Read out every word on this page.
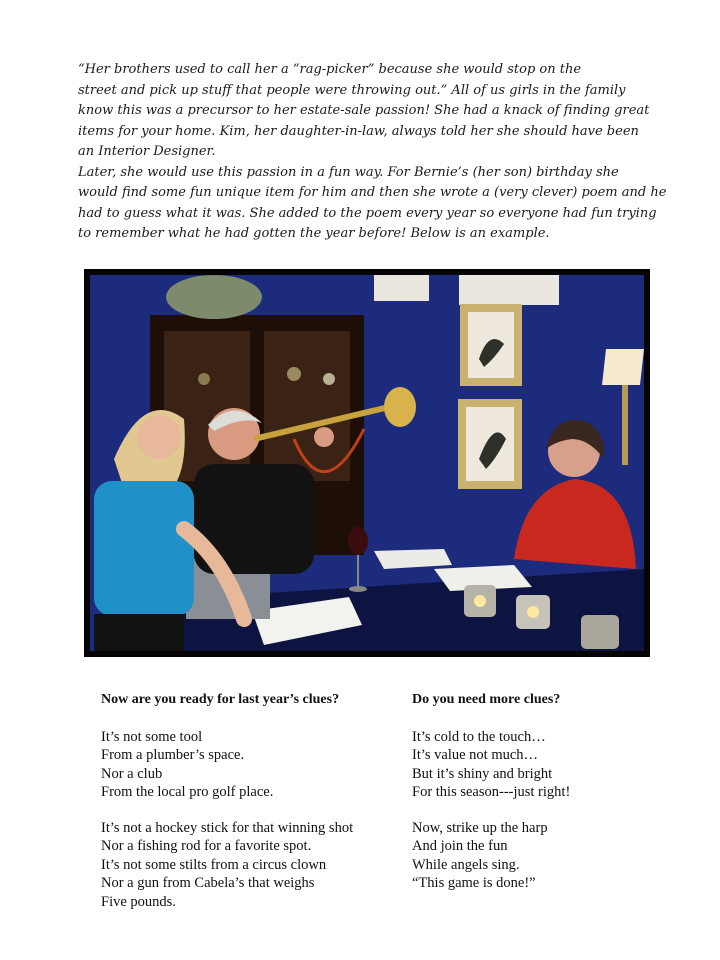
“Her brothers used to call her a “rag-picker” because she would stop on the

street and pick up stuff that people were throwing out.” All of us girls in the family

know this was a precursor to her estate-sale passion! She had a knack of finding great

items for your home. Kim, her daughter-in-law, always told her she should have been

an Interior Designer.

Later, she would use this passion in a fun way. For Bernie’s (her son) birthday she

would find some fun unique item for him and then she wrote a (very clever) poem and he

had to guess what it was. She added to the poem every year so everyone had fun trying

to remember what he had gotten the year before! Below is an example.

Now are you ready for last year’s clues?
It’s not some tool
From a plumber’s space.
Nor a club
From the local pro golf place.
It’s not a hockey stick for that winning shot
Nor a fishing rod for a favorite spot.
It’s not some stilts from a circus clown
Nor a gun from Cabela’s that weighs
Five pounds.
Do you need more clues?
It’s cold to the touch…
It’s value not much…
But it’s shiny and bright
For this season---just right!
Now, strike up the harp
And join the fun
While angels sing.
“This game is done!”
